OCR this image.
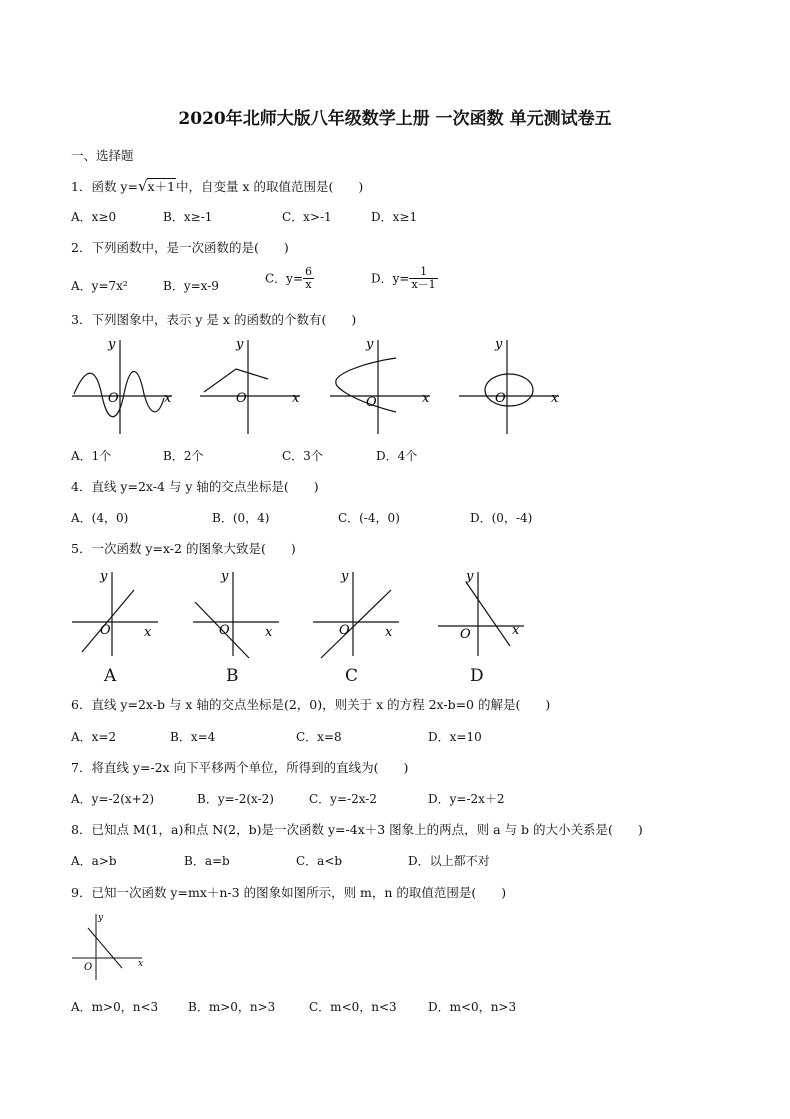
2020年北师大版八年级数学上册 一次函数 单元测试卷五
一、选择题
1．函数 y=√x＋1中，自变量 x 的取值范围是(　　)
A．x≥0	B．x≥-1	C．x>-1	D．x≥1
2．下列函数中，是一次函数的是(　　)
A．y=7x²	B．y=x-9
C．$y= \frac{6}{x}$	D．$y= \frac{1}{x-1}$
3．下列图象中，表示 y 是 x 的函数的个数有(　　)
y
x
O
y
x
O
y
x
O
y
x
O
A．1个	B．2个	C．3个	D．4个
4．直线 y=2x-4 与 y 轴的交点坐标是(　　)
A．(4，0)	B．(0，4)	C．(-4，0)	D．(0，-4)
5．一次函数 y=x-2 的图象大致是(　　)
y
x
O
y
x
O
y
x
O
y
x
O
A	B	C	D
6．直线 y=2x-b 与 x 轴的交点坐标是(2，0)，则关于 x 的方程 2x-b=0 的解是(　　)
A．x=2	B．x=4	C．x=8	D．x=10
7．将直线 y=-2x 向下平移两个单位，所得到的直线为(　　)
A．y=-2(x+2)	B．y=-2(x-2)	C．y=-2x-2	D．y=-2x＋2
8．已知点 M(1，a)和点 N(2，b)是一次函数 y=-4x＋3 图象上的两点，则 a 与 b 的大小关系是(　　)
A．a>b	B．a=b	C．a<b	D．以上都不对
9．已知一次函数 y=mx＋n-3 的图象如图所示，则 m，n 的取值范围是(　　)
y
x
O
A．m>0，n<3 B．m>0，n>3	C．m<0，n<3	D．m<0，n>3
